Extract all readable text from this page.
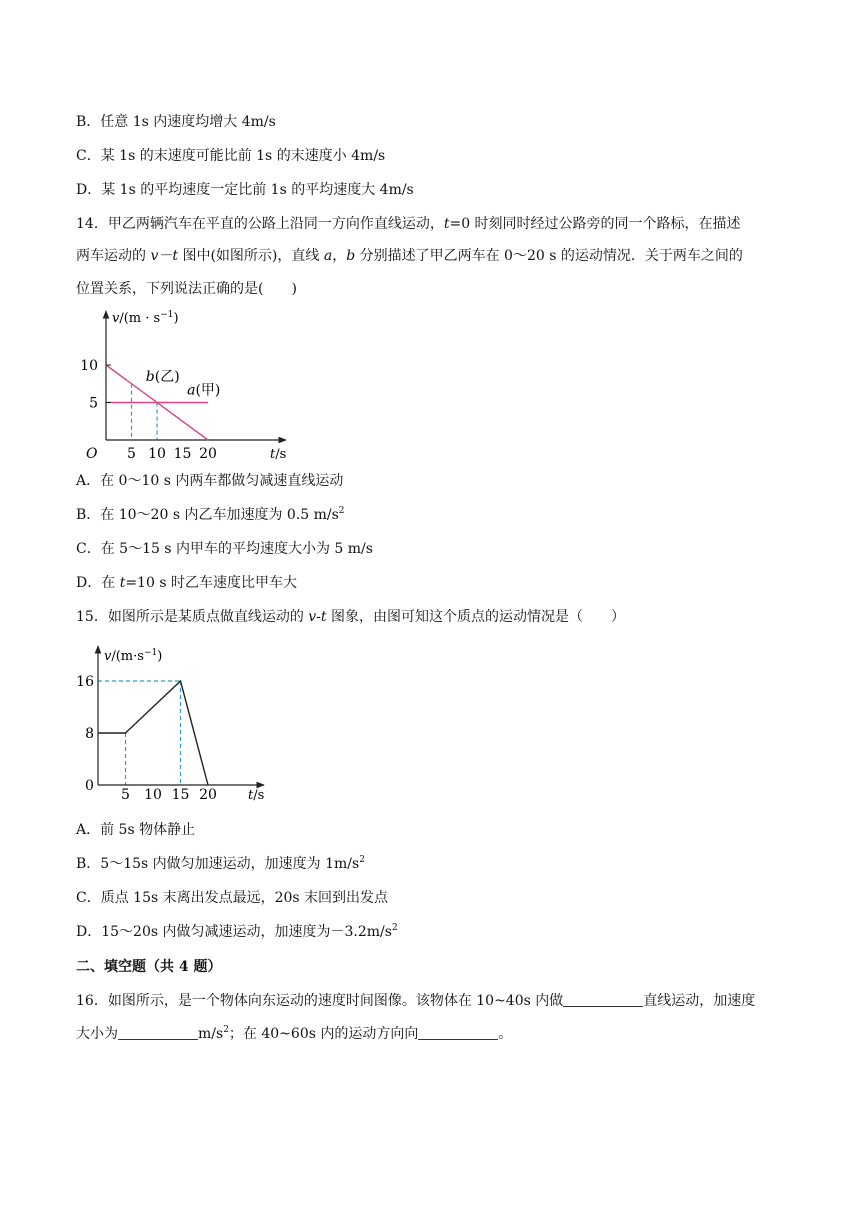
B．任意 1s 内速度均增大 4m/s
C．某 1s 的末速度可能比前 1s 的末速度小 4m/s
D．某 1s 的平均速度一定比前 1s 的平均速度大 4m/s
14．甲乙两辆汽车在平直的公路上沿同一方向作直线运动，t=0 时刻同时经过公路旁的同一个路标，在描述
两车运动的 v－t 图中(如图所示)，直线 a，b 分别描述了甲乙两车在 0～20 s 的运动情况．关于两车之间的
位置关系，下列说法正确的是(　　)
b(乙)
a(甲)
5 10 15 20
10
5
$v/(m \cdot s^{-1})$
t/s
O
A．在 0～10 s 内两车都做匀减速直线运动
B．在 10～20 s 内乙车加速度为 0.5 $m/s^2$
C．在 5～15 s 内甲车的平均速度大小为 5 m/s
D．在 t=10 s 时乙车速度比甲车大
15．如图所示是某质点做直线运动的 v-t 图象，由图可知这个质点的运动情况是（　　）
5 10 15 20
16
8
$v/(m\cdot s^{-1})$
t/s
0
A．前 5s 物体静止
B．5～15s 内做匀加速运动，加速度为 $1m/s^2$
C．质点 15s 末离出发点最远，20s 末回到出发点
D．15～20s 内做匀减速运动，加速度为$-3.2m/s^2$
二、填空题（共 4 题）
16．如图所示，是一个物体向东运动的速度时间图像。该物体在 10~40s 内做	直线运动，加速度
大小为	$m/s^2$；在 40~60s 内的运动方向向	。
